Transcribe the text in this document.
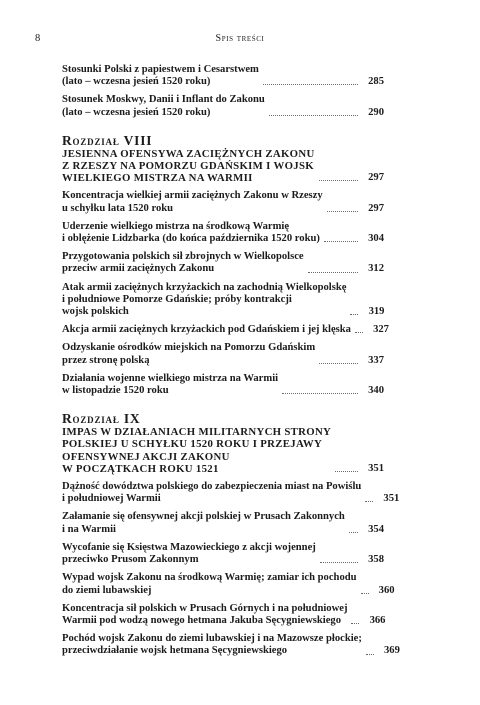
8	Spis treści
Stosunki Polski z papiestwem i Cesarstwem
(lato – wczesna jesień 1520 roku)	285
Stosunek Moskwy, Danii i Inflant do Zakonu
(lato – wczesna jesień 1520 roku)	290
Rozdział VIII
JESIENNA OFENSYWA ZACIĘŻNYCH ZAKONU
Z RZESZY NA POMORZU GDAŃSKIM I WOJSK
WIELKIEGO MISTRZA NA WARMII	297
Koncentracja wielkiej armii zaciężnych Zakonu w Rzeszy
u schyłku lata 1520 roku	297
Uderzenie wielkiego mistrza na środkową Warmię
i oblężenie Lidzbarka (do końca października 1520 roku)	304
Przygotowania polskich sił zbrojnych w Wielkopolsce
przeciw armii zaciężnych Zakonu	312
Atak armii zaciężnych krzyżackich na zachodnią Wielkopolskę
i południowe Pomorze Gdańskie; próby kontrakcji
wojsk polskich	319
Akcja armii zaciężnych krzyżackich pod Gdańskiem i jej klęska	327
Odzyskanie ośrodków miejskich na Pomorzu Gdańskim
przez stronę polską	337
Działania wojenne wielkiego mistrza na Warmii
w listopadzie 1520 roku	340
Rozdział IX
IMPAS W DZIAŁANIACH MILITARNYCH STRONY
POLSKIEJ U SCHYŁKU 1520 ROKU I PRZEJAWY
OFENSYWNEJ AKCJI ZAKONU
W POCZĄTKACH ROKU 1521	351
Dążność dowództwa polskiego do zabezpieczenia miast na Powiślu
i południowej Warmii	351
Załamanie się ofensywnej akcji polskiej w Prusach Zakonnych
i na Warmii	354
Wycofanie się Księstwa Mazowieckiego z akcji wojennej
przeciwko Prusom Zakonnym	358
Wypad wojsk Zakonu na środkową Warmię; zamiar ich pochodu
do ziemi lubawskiej	360
Koncentracja sił polskich w Prusach Górnych i na południowej
Warmii pod wodzą nowego hetmana Jakuba Sęcygniewskiego	366
Pochód wojsk Zakonu do ziemi lubawskiej i na Mazowsze płockie;
przeciwdziałanie wojsk hetmana Sęcygniewskiego	369
